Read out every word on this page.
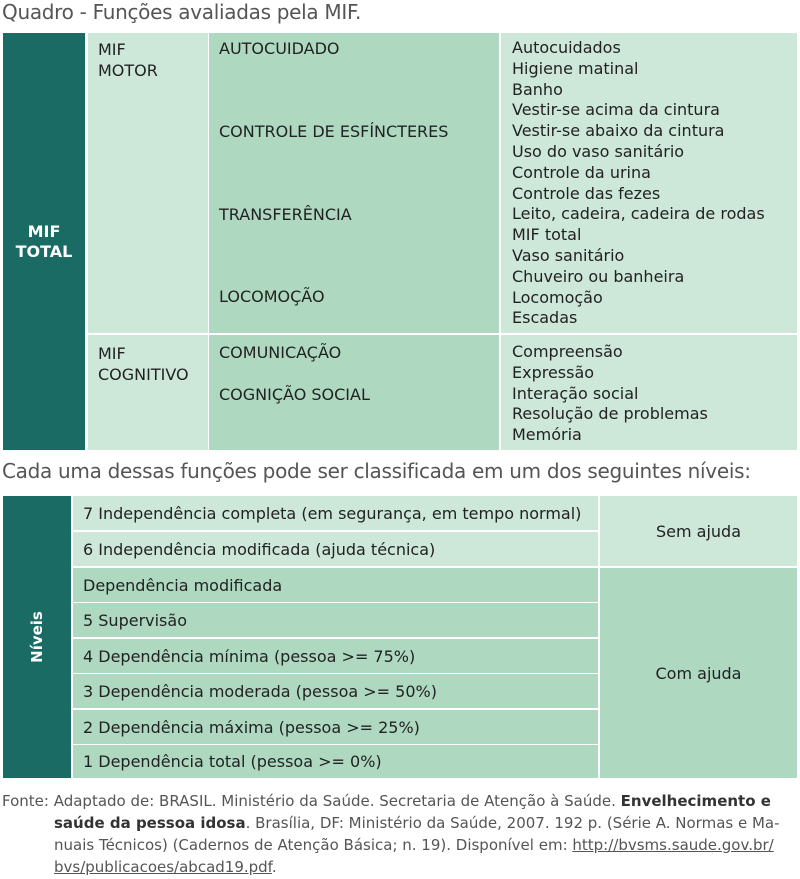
Quadro - Funções avaliadas pela MIF.
MIF
TOTAL
MIF
MOTOR
AUTOCUIDADO
CONTROLE DE ESFÍNCTERES
TRANSFERÊNCIA
LOCOMOÇÃO
Autocuidados
Higiene matinal
Banho
Vestir-se acima da cintura
Vestir-se abaixo da cintura
Uso do vaso sanitário
Controle da urina
Controle das fezes
Leito, cadeira, cadeira de rodas
MIF total
Vaso sanitário
Chuveiro ou banheira
Locomoção
Escadas
MIF
COGNITIVO
COMUNICAÇÃO
COGNIÇÃO SOCIAL
Compreensão
Expressão
Interação social
Resolução de problemas
Memória
Cada uma dessas funções pode ser classificada em um dos seguintes níveis:
Níveis
7 Independência completa (em segurança, em tempo normal)
6 Independência modificada (ajuda técnica)
Dependência modificada
5 Supervisão
4 Dependência mínima (pessoa >= 75%)
3 Dependência moderada (pessoa >= 50%)
2 Dependência máxima (pessoa >= 25%)
1 Dependência total (pessoa >= 0%)
Sem ajuda
Com ajuda
Fonte: Adaptado de: BRASIL. Ministério da Saúde. Secretaria de Atenção à Saúde. Envelhecimento e
saúde da pessoa idosa. Brasília, DF: Ministério da Saúde, 2007. 192 p. (Série A. Normas e Ma-
nuais Técnicos) (Cadernos de Atenção Básica; n. 19). Disponível em: http://bvsms.saude.gov.br/
bvs/publicacoes/abcad19.pdf.
